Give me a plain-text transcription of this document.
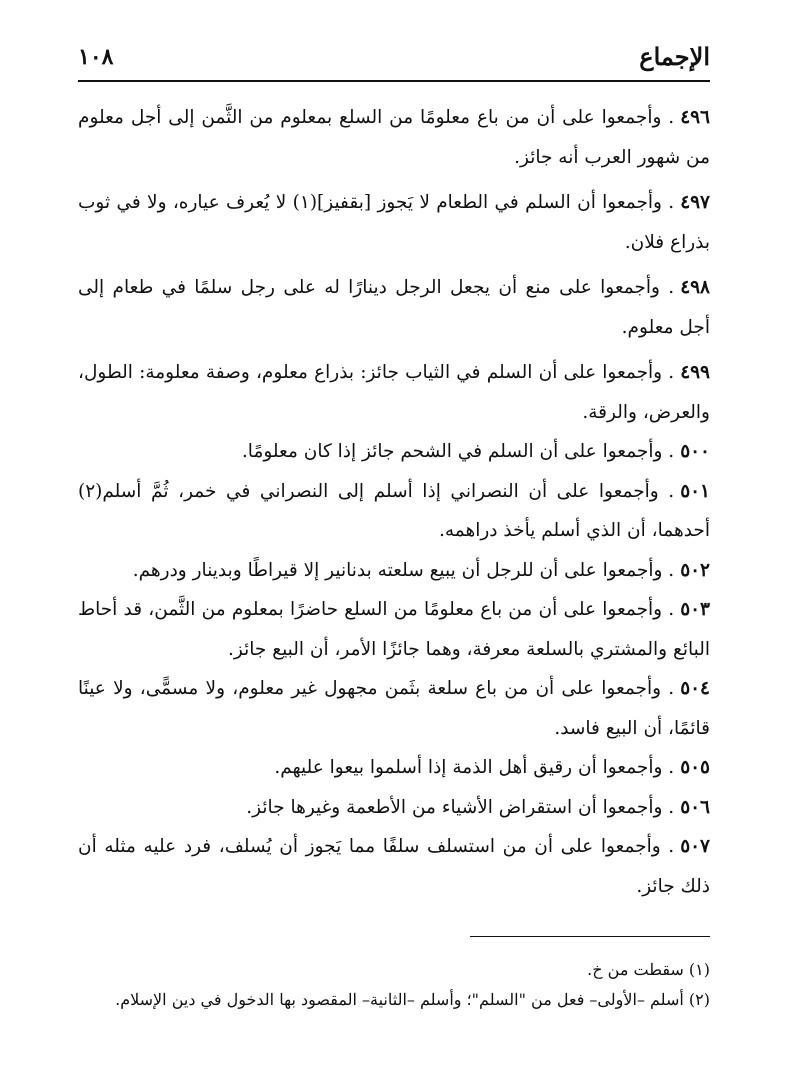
١٠٨	الإجماع

٤٩٦. وأجمعوا على أن من باع معلومًا من السلع بمعلوم من الثَّمن إلى أجل معلوم من شهور العرب أنه جائز.

٤٩٧. وأجمعوا أن السلم في الطعام لا يَجوز [بقفيز](١) لا يُعرف عياره، ولا في ثوب بذراع فلان.

٤٩٨. وأجمعوا على منع أن يجعل الرجل دينارًا له على رجل سلمًا في طعام إلى أجل معلوم.

٤٩٩. وأجمعوا على أن السلم في الثياب جائز: بذراع معلوم، وصفة معلومة: الطول، والعرض، والرقة.

٥٠٠. وأجمعوا على أن السلم في الشحم جائز إذا كان معلومًا.

٥٠١. وأجمعوا على أن النصراني إذا أسلم إلى النصراني في خمر، ثُمَّ أسلم(٢) أحدهما، أن الذي أسلم يأخذ دراهمه.

٥٠٢. وأجمعوا على أن للرجل أن يبيع سلعته بدنانير إلا قيراطًا وبدينار ودرهم.

٥٠٣. وأجمعوا على أن من باع معلومًا من السلع حاضرًا بمعلوم من الثَّمن، قد أحاط البائع والمشتري بالسلعة معرفة، وهما جائزًا الأمر، أن البيع جائز.

٥٠٤. وأجمعوا على أن من باع سلعة بثَمن مجهول غير معلوم، ولا مسمًّى، ولا عينًا قائمًا، أن البيع فاسد.

٥٠٥. وأجمعوا أن رقيق أهل الذمة إذا أسلموا بيعوا عليهم.

٥٠٦. وأجمعوا أن استقراض الأشياء من الأطعمة وغيرها جائز.

٥٠٧. وأجمعوا على أن من استسلف سلفًا مما يَجوز أن يُسلف، فرد عليه مثله أن ذلك جائز.

(١) سقطت من خ.

(٢) أسلم –الأولى– فعل من "السلم"؛ وأسلم –الثانية– المقصود بها الدخول في دين الإسلام.
